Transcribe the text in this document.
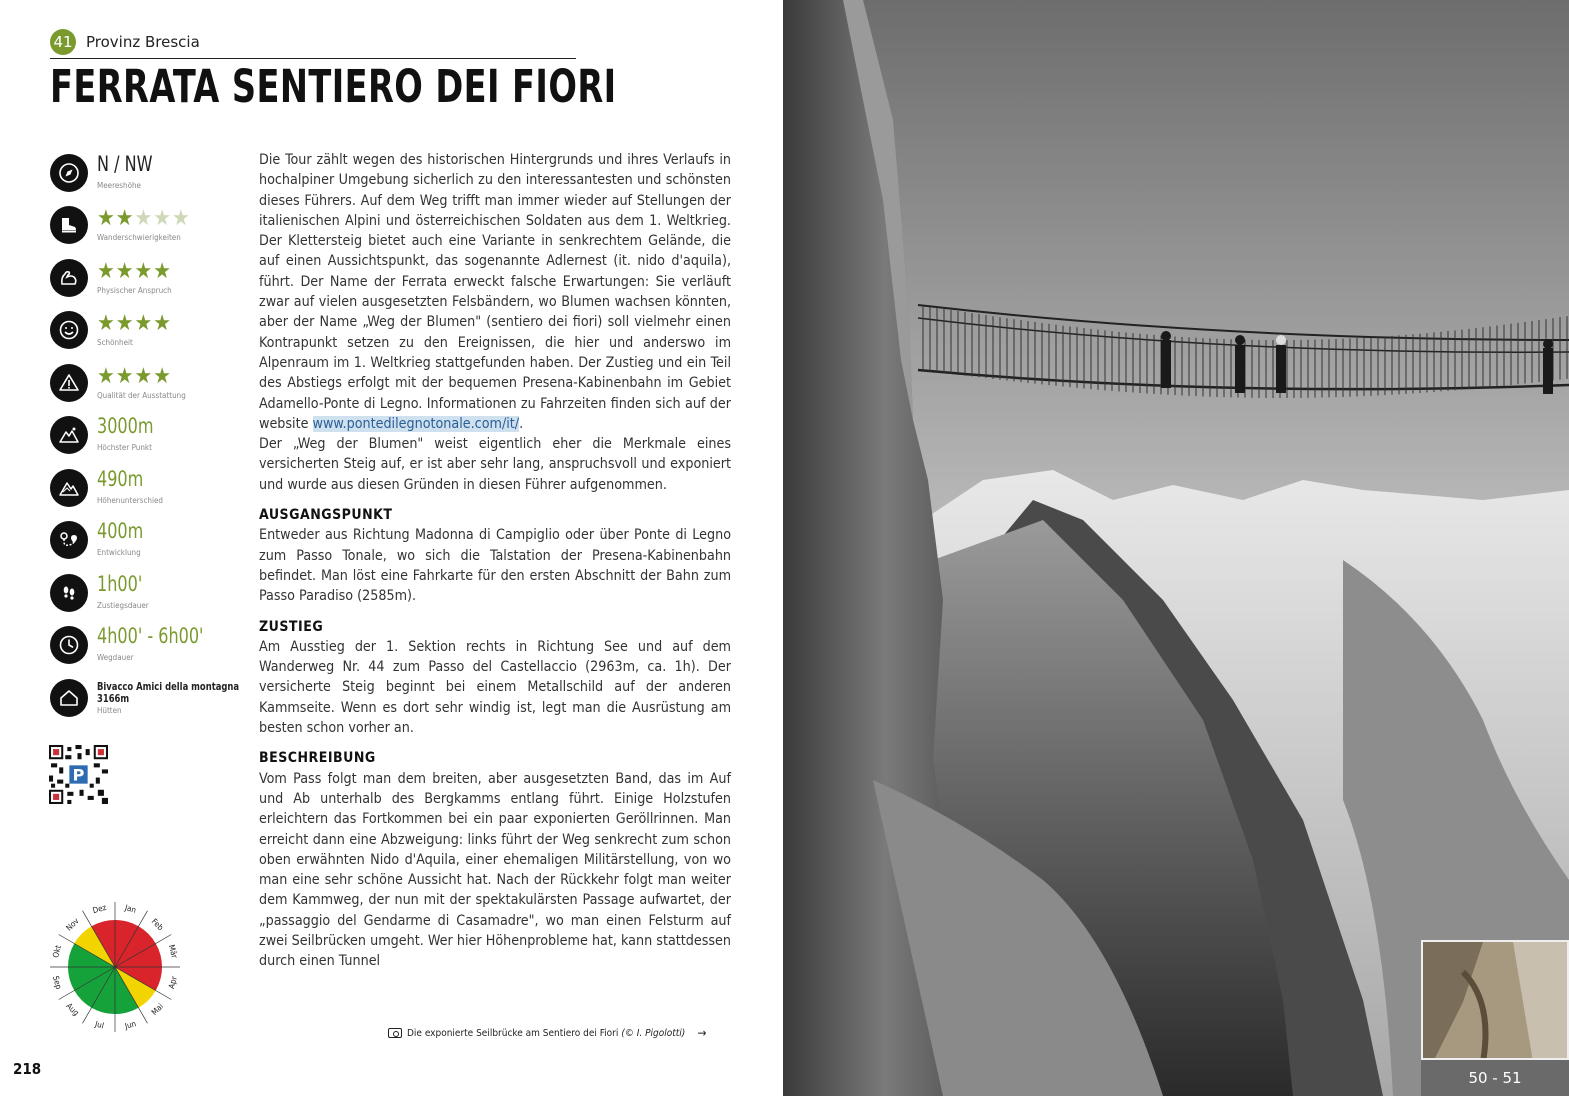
41 Provinz Brescia
FERRATA SENTIERO DEI FIORI
N / NW
Meereshöhe
★★★★★
Wanderschwierigkeiten
★★★★
Physischer Anspruch
★★★★
Schönheit
★★★★
Qualität der Ausstattung
3000m
Höchster Punkt
490m
Höhenunterschied
400m
Entwicklung
1h00'
Zustiegsdauer
4h00' - 6h00'
Wegdauer
Bivacco Amici della montagna
3166m
Hütten
P
Jan
Feb
Mär
Apr
Mai
Jun
Jul
Aug
Sep
Okt
Nov
Dez
218

Die Tour zählt wegen des historischen Hintergrunds und ihres Verlaufs in hochalpiner Umgebung sicherlich zu den interessantesten und schönsten dieses Führers. Auf dem Weg trifft man immer wieder auf Stellungen der italienischen Alpini und österreichischen Soldaten aus dem 1. Weltkrieg. Der Klettersteig bietet auch eine Variante in senkrechtem Gelände, die auf einen Aussichtspunkt, das sogenannte Adlernest (it. nido d'aquila), führt. Der Name der Ferrata erweckt falsche Erwartungen: Sie verläuft zwar auf vielen ausgesetzten Felsbändern, wo Blumen wachsen könnten, aber der Name „Weg der Blumen" (sentiero dei fiori) soll vielmehr einen Kontrapunkt setzen zu den Ereignissen, die hier und anderswo im Alpenraum im 1. Weltkrieg stattgefunden haben. Der Zustieg und ein Teil des Abstiegs erfolgt mit der bequemen Presena-Kabinenbahn im Gebiet Adamello-Ponte di Legno. Informationen zu Fahrzeiten finden sich auf der website www.pontedilegnotonale.com/it/.

Der „Weg der Blumen" weist eigentlich eher die Merkmale eines versicherten Steig auf, er ist aber sehr lang, anspruchsvoll und exponiert und wurde aus diesen Gründen in diesen Führer aufgenommen.

AUSGANGSPUNKT

Entweder aus Richtung Madonna di Campiglio oder über Ponte di Legno zum Passo Tonale, wo sich die Talstation der Presena-Kabinenbahn befindet. Man löst eine Fahrkarte für den ersten Abschnitt der Bahn zum Passo Paradiso (2585m).

ZUSTIEG

Am Ausstieg der 1. Sektion rechts in Richtung See und auf dem Wanderweg Nr. 44 zum Passo del Castellaccio (2963m, ca. 1h). Der versicherte Steig beginnt bei einem Metallschild auf der anderen Kammseite. Wenn es dort sehr windig ist, legt man die Ausrüstung am besten schon vorher an.

BESCHREIBUNG

Vom Pass folgt man dem breiten, aber ausgesetzten Band, das im Auf und Ab unterhalb des Bergkamms entlang führt. Einige Holzstufen erleichtern das Fortkommen bei ein paar exponierten Geröllrinnen. Man erreicht dann eine Abzweigung: links führt der Weg senkrecht zum schon oben erwähnten Nido d'Aquila, einer ehemaligen Militärstellung, von wo man eine sehr schöne Aussicht hat. Nach der Rückkehr folgt man weiter dem Kammweg, der nun mit der spektakulärsten Passage aufwartet, der „passaggio del Gendarme di Casamadre", wo man einen Felsturm auf zwei Seilbrücken umgeht. Wer hier Höhenprobleme hat, kann stattdessen durch einen Tunnel

Die exponierte Seilbrücke am Sentiero dei Fiori (© I. Pigolotti) →
50 - 51
